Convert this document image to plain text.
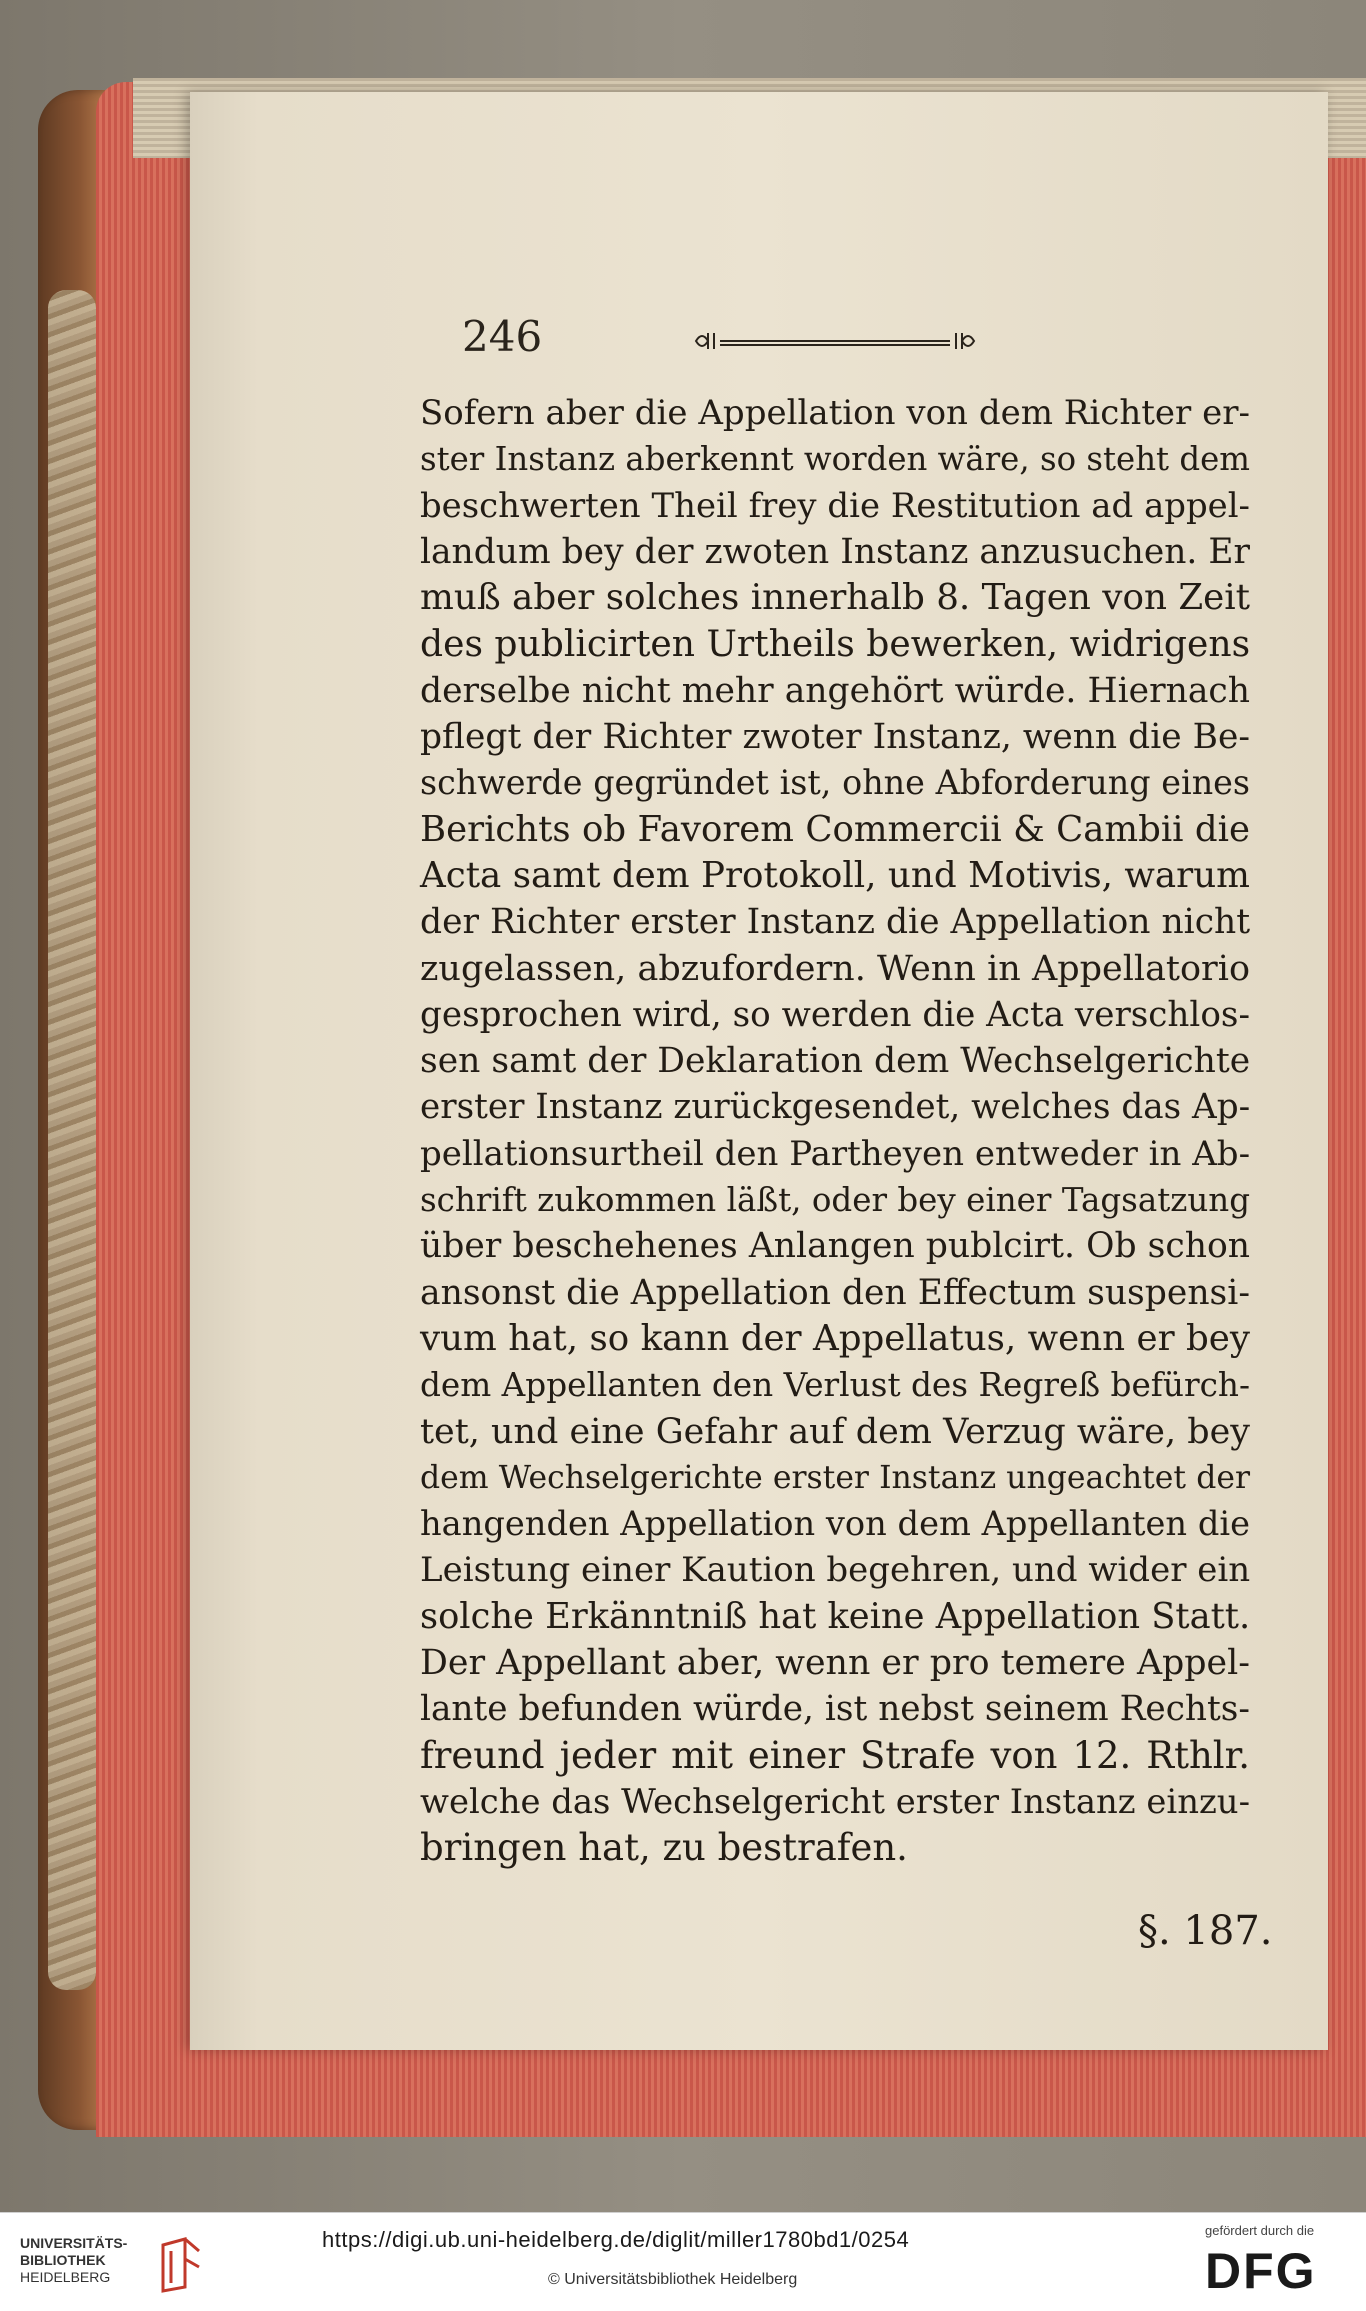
246
Sofern aber die Appellation von dem Richter er-
ster Instanz aberkennt worden wäre, so steht dem
beschwerten Theil frey die Restitution ad appel-
landum bey der zwoten Instanz anzusuchen. Er
muß aber solches innerhalb 8. Tagen von Zeit
des publicirten Urtheils bewerken, widrigens
derselbe nicht mehr angehört würde. Hiernach
pflegt der Richter zwoter Instanz, wenn die Be-
schwerde gegründet ist, ohne Abforderung eines
Berichts ob Favorem Commercii & Cambii die
Acta samt dem Protokoll, und Motivis, warum
der Richter erster Instanz die Appellation nicht
zugelassen, abzufordern. Wenn in Appellatorio
gesprochen wird, so werden die Acta verschlos-
sen samt der Deklaration dem Wechselgerichte
erster Instanz zurückgesendet, welches das Ap-
pellationsurtheil den Partheyen entweder in Ab-
schrift zukommen läßt, oder bey einer Tagsatzung
über beschehenes Anlangen publcirt. Ob schon
ansonst die Appellation den Effectum suspensi-
vum hat, so kann der Appellatus, wenn er bey
dem Appellanten den Verlust des Regreß befürch-
tet, und eine Gefahr auf dem Verzug wäre, bey
dem Wechselgerichte erster Instanz ungeachtet der
hangenden Appellation von dem Appellanten die
Leistung einer Kaution begehren, und wider ein
solche Erkänntniß hat keine Appellation Statt.
Der Appellant aber, wenn er pro temere Appel-
lante befunden würde, ist nebst seinem Rechts-
freund jeder mit einer Strafe von 12. Rthlr.
welche das Wechselgericht erster Instanz einzu-
bringen hat, zu bestrafen.
§. 187.
UNIVERSITÄTS-
BIBLIOTHEK
HEIDELBERG
https://digi.ub.uni-heidelberg.de/diglit/miller1780bd1/0254
© Universitätsbibliothek Heidelberg
gefördert durch die
DFG
